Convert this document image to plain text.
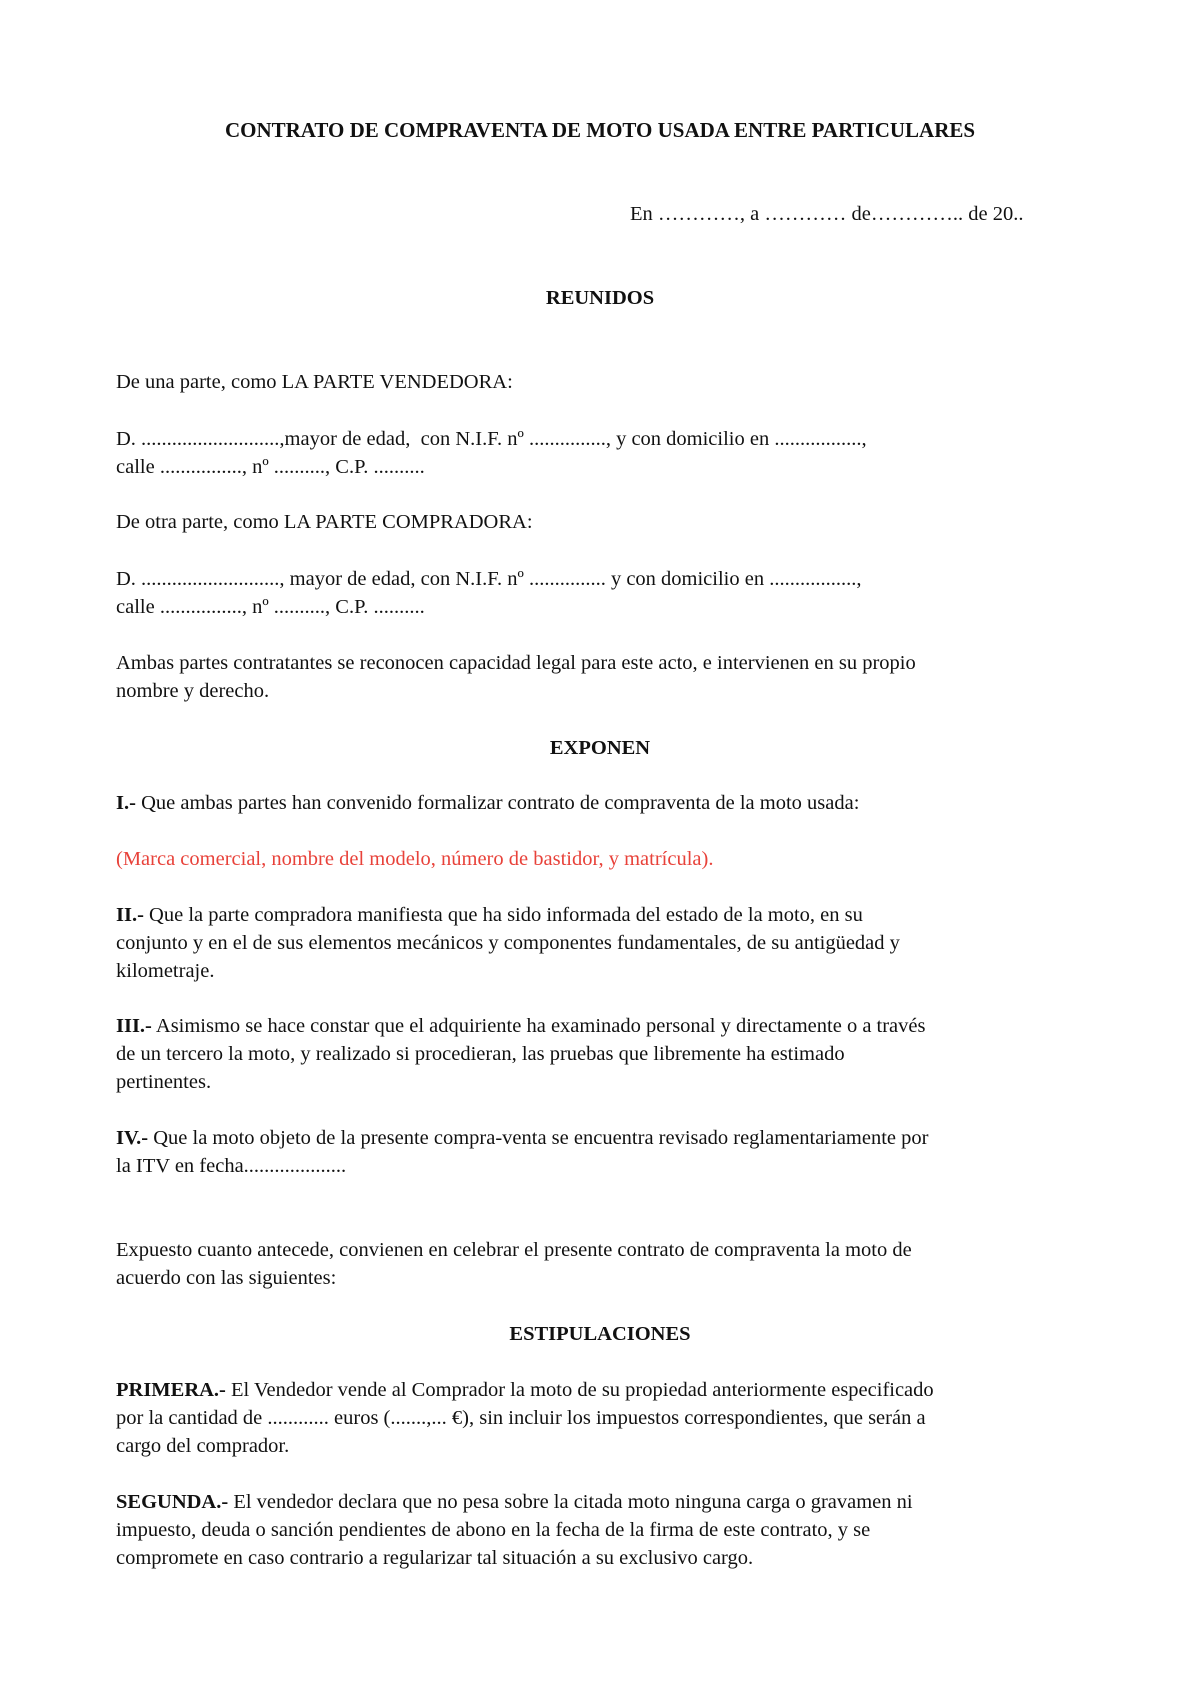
CONTRATO DE COMPRAVENTA DE MOTO USADA ENTRE PARTICULARES
En …………, a ………… de………….. de 20..
REUNIDOS
De una parte, como LA PARTE VENDEDORA:
D. ...........................,mayor de edad,  con N.I.F. nº ..............., y con domicilio en .................,
calle ................, nº .........., C.P. ..........
De otra parte, como LA PARTE COMPRADORA:
D. ..........................., mayor de edad, con N.I.F. nº ............... y con domicilio en .................,
calle ................, nº .........., C.P. ..........
Ambas partes contratantes se reconocen capacidad legal para este acto, e intervienen en su propio
nombre y derecho.
EXPONEN
I.- Que ambas partes han convenido formalizar contrato de compraventa de la moto usada:
(Marca comercial, nombre del modelo, número de bastidor, y matrícula).
II.- Que la parte compradora manifiesta que ha sido informada del estado de la moto, en su
conjunto y en el de sus elementos mecánicos y componentes fundamentales, de su antigüedad y
kilometraje.
III.- Asimismo se hace constar que el adquiriente ha examinado personal y directamente o a través
de un tercero la moto, y realizado si procedieran, las pruebas que libremente ha estimado
pertinentes.
IV.- Que la moto objeto de la presente compra-venta se encuentra revisado reglamentariamente por
la ITV en fecha....................
Expuesto cuanto antecede, convienen en celebrar el presente contrato de compraventa la moto de
acuerdo con las siguientes:
ESTIPULACIONES
PRIMERA.- El Vendedor vende al Comprador la moto de su propiedad anteriormente especificado
por la cantidad de ............ euros (.......,... €), sin incluir los impuestos correspondientes, que serán a
cargo del comprador.
SEGUNDA.- El vendedor declara que no pesa sobre la citada moto ninguna carga o gravamen ni
impuesto, deuda o sanción pendientes de abono en la fecha de la firma de este contrato, y se
compromete en caso contrario a regularizar tal situación a su exclusivo cargo.
